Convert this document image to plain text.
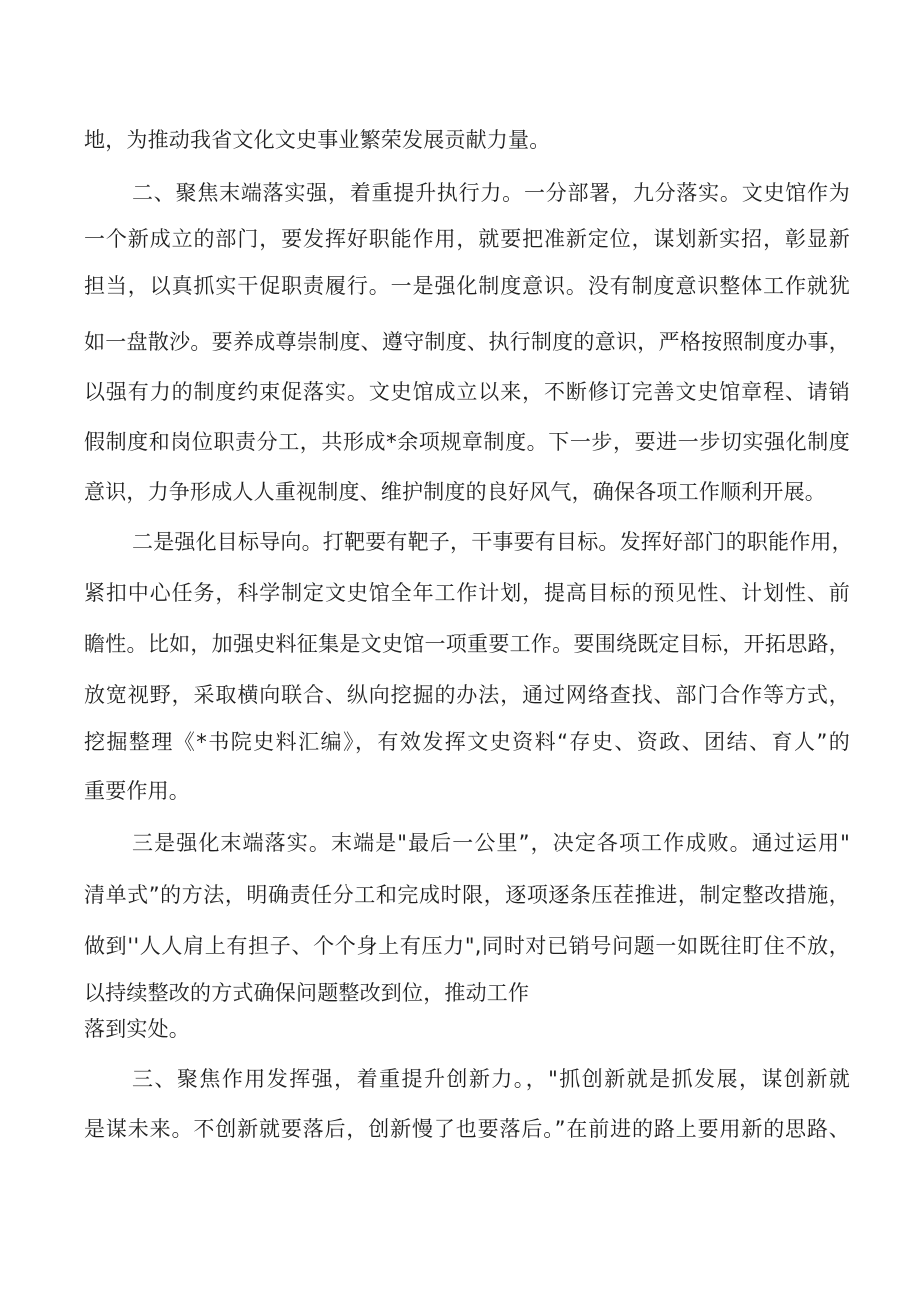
地，为推动我省文化文史事业繁荣发展贡献力量。
二、聚焦末端落实强，着重提升执行力。一分部署，九分落实。文史馆作为
一个新成立的部门，要发挥好职能作用，就要把准新定位，谋划新实招，彰显新
担当，以真抓实干促职责履行。一是强化制度意识。没有制度意识整体工作就犹
如一盘散沙。要养成尊崇制度、遵守制度、执行制度的意识，严格按照制度办事，
以强有力的制度约束促落实。文史馆成立以来，不断修订完善文史馆章程、请销
假制度和岗位职责分工，共形成*余项规章制度。下一步，要进一步切实强化制度
意识，力争形成人人重视制度、维护制度的良好风气，确保各项工作顺利开展。
二是强化目标导向。打靶要有靶子，干事要有目标。发挥好部门的职能作用，
紧扣中心任务，科学制定文史馆全年工作计划，提高目标的预见性、计划性、前
瞻性。比如，加强史料征集是文史馆一项重要工作。要围绕既定目标，开拓思路，
放宽视野，采取横向联合、纵向挖掘的办法，通过网络查找、部门合作等方式，
挖掘整理《*书院史料汇编》，有效发挥文史资料“存史、资政、团结、育人”的
重要作用。
三是强化末端落实。末端是"最后一公里”，决定各项工作成败。通过运用"
清单式”的方法，明确责任分工和完成时限，逐项逐条压茬推进，制定整改措施，
做到''人人肩上有担子、个个身上有压力",同时对已销号问题一如既往盯住不放，
以持续整改的方式确保问题整改到位，推动工作
落到实处。
三、聚焦作用发挥强，着重提升创新力。，"抓创新就是抓发展，谋创新就
是谋未来。不创新就要落后，创新慢了也要落后。”在前进的路上要用新的思路、
